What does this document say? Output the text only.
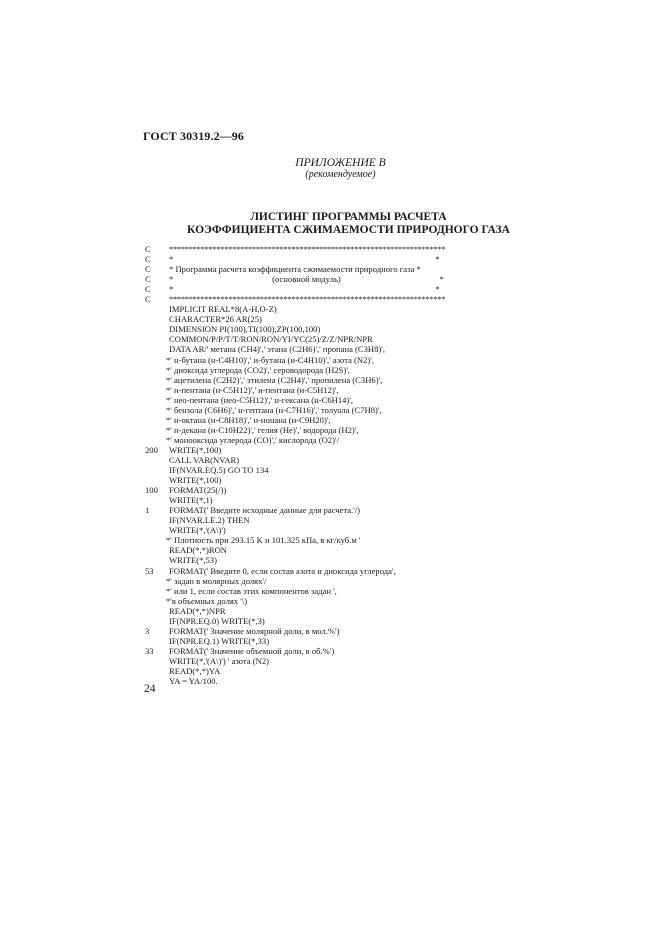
ГОСТ 30319.2—96
ПРИЛОЖЕНИЕ В
(рекомендуемое)
ЛИСТИНГ ПРОГРАММЫ РАСЧЕТА
КОЭФФИЦИЕНТА СЖИМАЕМОСТИ ПРИРОДНОГО ГАЗА
C **********************************************************************
C *                                                                                                                          *
C * Программа расчета коэффициента сжимаемости природного газа *
C *                                              (основной модуль)                                              *
C *                                                                                                                          *
C **********************************************************************
IMPLICIT REAL*8(A-H,O-Z)
CHARACTER*26 AR(25)
DIMENSION PI(100),TI(100),ZP(100,100)
COMMON/P/P/T/T/RON/RON/YI/YC(25)/Z/Z/NPR/NPR
DATA AR/' метана (CH4)',' этана (C2H6)',' пропана (C3H8)',
*' н-бутана (н-C4H10)',' и-бутана (и-C4H10)',' азота (N2)',
*' диоксида углерода (CO2)',' сероводорода (H2S)',
*' ацетилена (C2H2)',' этилена (C2H4)',' пропилена (C3H6)',
*' н-пентана (н-C5H12)',' и-пентана (и-C5H12)',
*' нео-пентана (нео-C5H12)',' н-гексана (н-C6H14)',
*' бензола (C6H6)',' н-гептана (н-C7H16)',' толуола (C7H8)',
*' н-октана (н-C8H18)',' н-нонана (н-C9H20)',
*' н-декана (н-C10H22)',' гелия (He)',' водорода (H2)',
*' монооксида углерода (CO)',' кислорода (O2)'/
200 WRITE(*,100)
CALL VAR(NVAR)
IF(NVAR.EQ.5) GO TO 134
WRITE(*,100)
100 FORMAT(25(/))
WRITE(*,1)
1 FORMAT(' Введите исходные данные для расчета.'/)
IF(NVAR.LE.2) THEN
WRITE(*,'(A\)')
*' Плотность при 293.15 K и 101.325 кПа, в кг/куб.м '
READ(*,*)RON
WRITE(*,53)
53 FORMAT(' Введите 0, если состав азота и диоксида углерода',
*' задан в молярных долях'/
*' или 1, если состав этих компонентов задан ',
*'в объемных долях '\)
READ(*,*)NPR
IF(NPR.EQ.0) WRITE(*,3)
3 FORMAT(' Значение молярной доли, в мол.%')
IF(NPR.EQ.1) WRITE(*,33)
33 FORMAT(' Значение объемной доли, в об.%')
WRITE(*,'(A\)') ' азота (N2)
READ(*,*)YA
YA = YA/100.
24
